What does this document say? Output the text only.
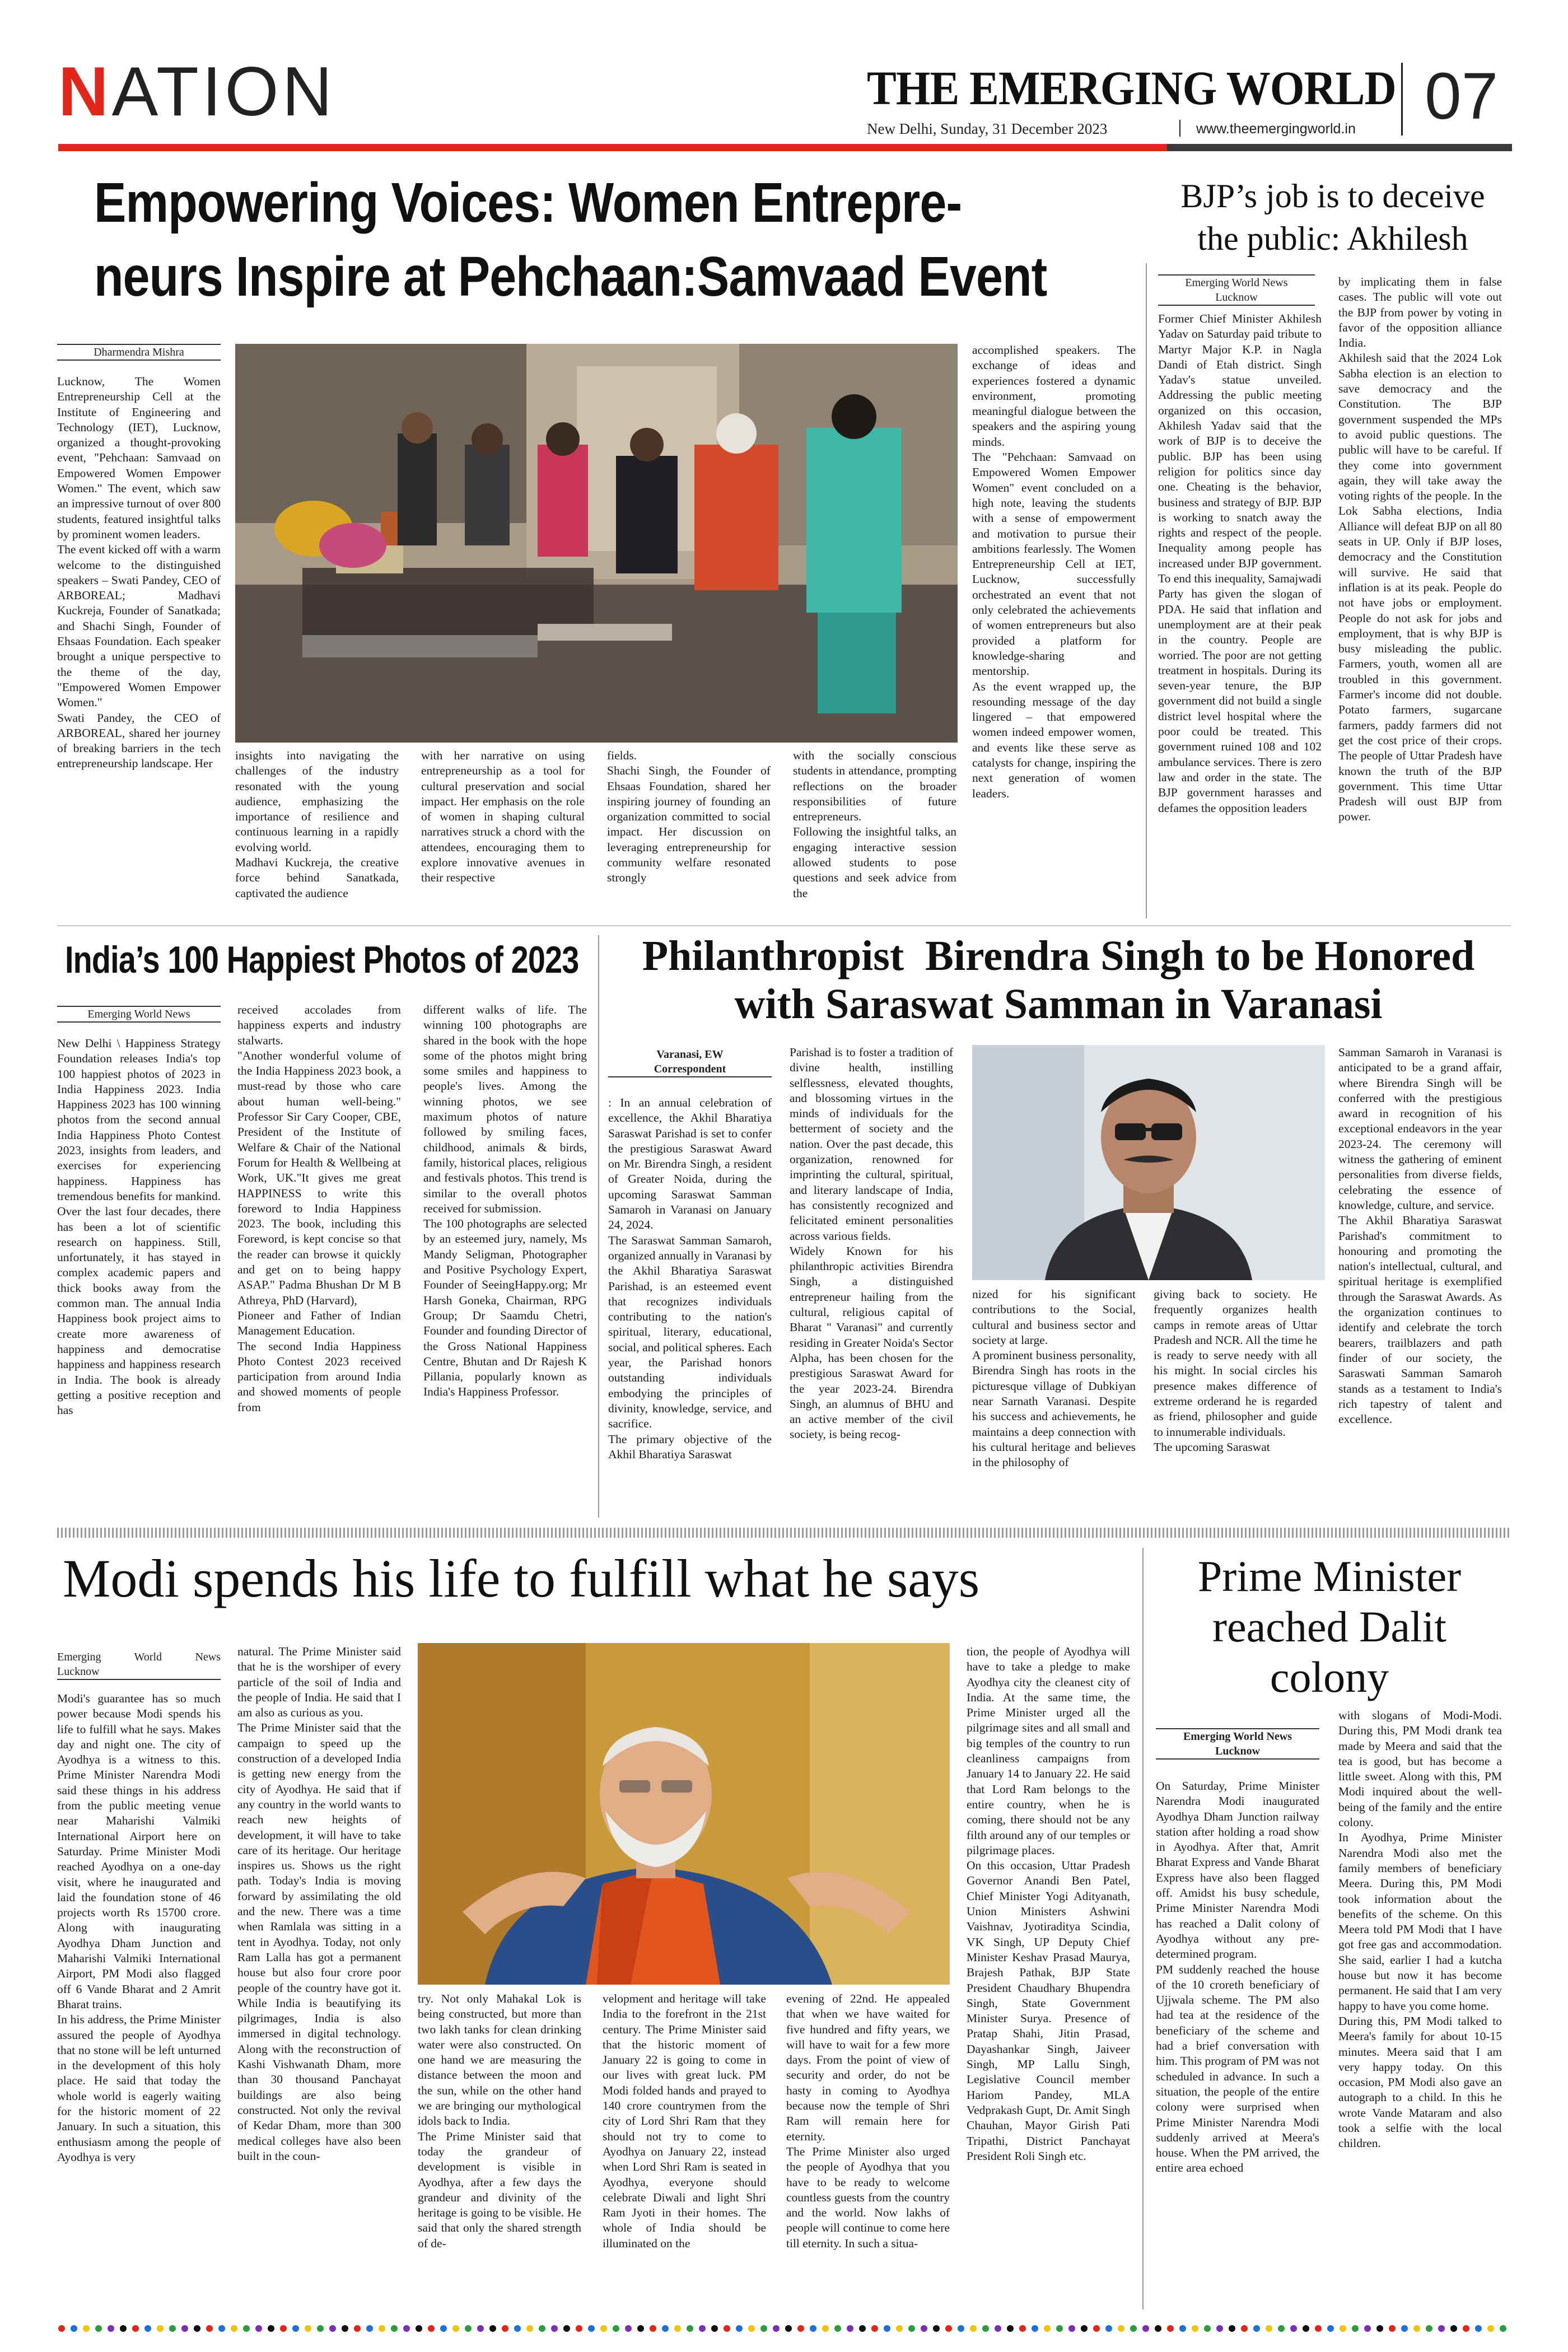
NATION	THE EMERGING WORLD 07
New Delhi, Sunday, 31 December 2023	www.theemergingworld.in
Empowering Voices: Women Entrepre-
neurs Inspire at Pehchaan:Samvaad Event
Dharmendra Mishra
Lucknow, The Women Entrepreneurship Cell at the Institute of Engineering and Technology (IET), Lucknow, organized a thought-provoking event, "Pehchaan: Samvaad on Empowered Women Empower Women." The event, which saw an impressive turnout of over 800 students, featured insightful talks by prominent women leaders.
The event kicked off with a warm welcome to the distinguished speakers – Swati Pandey, CEO of ARBOREAL; Madhavi Kuckreja, Founder of Sanatkada; and Shachi Singh, Founder of Ehsaas Foundation. Each speaker brought a unique perspective to the theme of the day, "Empowered Women Empower Women."
Swati Pandey, the CEO of ARBOREAL, shared her journey of breaking barriers in the tech entrepreneurship landscape. Her
insights into navigating the challenges of the industry resonated with the young audience, emphasizing the importance of resilience and continuous learning in a rapidly evolving world.
Madhavi Kuckreja, the creative force behind Sanatkada, captivated the audience
with her narrative on using entrepreneurship as a tool for cultural preservation and social impact. Her emphasis on the role of women in shaping cultural narratives struck a chord with the attendees, encouraging them to explore innovative avenues in their respective
fields.
Shachi Singh, the Founder of Ehsaas Foundation, shared her inspiring journey of founding an organization committed to social impact. Her discussion on leveraging entrepreneurship for community welfare resonated strongly
with the socially conscious students in attendance, prompting reflections on the broader responsibilities of future entrepreneurs.
Following the insightful talks, an engaging interactive session allowed students to pose questions and seek advice from the
accomplished speakers. The exchange of ideas and experiences fostered a dynamic environment, promoting meaningful dialogue between the speakers and the aspiring young minds.
The "Pehchaan: Samvaad on Empowered Women Empower Women" event concluded on a high note, leaving the students with a sense of empowerment and motivation to pursue their ambitions fearlessly. The Women Entrepreneurship Cell at IET, Lucknow, successfully orchestrated an event that not only celebrated the achievements of women entrepreneurs but also provided a platform for knowledge-sharing and mentorship.
As the event wrapped up, the resounding message of the day lingered – that empowered women indeed empower women, and events like these serve as catalysts for change, inspiring the next generation of women leaders.
BJP’s job is to deceive
the public: Akhilesh
Emerging World News
Lucknow
Former Chief Minister Akhilesh Yadav on Saturday paid tribute to Martyr Major K.P. in Nagla Dandi of Etah district. Singh Yadav's statue unveiled. Addressing the public meeting organized on this occasion, Akhilesh Yadav said that the work of BJP is to deceive the public. BJP has been using religion for politics since day one. Cheating is the behavior, business and strategy of BJP. BJP is working to snatch away the rights and respect of the people. Inequality among people has increased under BJP government. To end this inequality, Samajwadi Party has given the slogan of PDA. He said that inflation and unemployment are at their peak in the country. People are worried. The poor are not getting treatment in hospitals. During its seven-year tenure, the BJP government did not build a single district level hospital where the poor could be treated. This government ruined 108 and 102 ambulance services. There is zero law and order in the state. The BJP government harasses and defames the opposition leaders
by implicating them in false cases. The public will vote out the BJP from power by voting in favor of the opposition alliance India.
Akhilesh said that the 2024 Lok Sabha election is an election to save democracy and the Constitution. The BJP government suspended the MPs to avoid public questions. The public will have to be careful. If they come into government again, they will take away the voting rights of the people. In the Lok Sabha elections, India Alliance will defeat BJP on all 80 seats in UP. Only if BJP loses, democracy and the Constitution will survive. He said that inflation is at its peak. People do not have jobs or employment. People do not ask for jobs and employment, that is why BJP is busy misleading the public. Farmers, youth, women all are troubled in this government. Farmer's income did not double. Potato farmers, sugarcane farmers, paddy farmers did not get the cost price of their crops. The people of Uttar Pradesh have known the truth of the BJP government. This time Uttar Pradesh will oust BJP from power.
India’s 100 Happiest Photos of 2023
Emerging World News
New Delhi \ Happiness Strategy Foundation releases India's top 100 happiest photos of 2023 in India Happiness 2023. India Happiness 2023 has 100 winning photos from the second annual India Happiness Photo Contest 2023, insights from leaders, and exercises for experiencing happiness. Happiness has tremendous benefits for mankind. Over the last four decades, there has been a lot of scientific research on happiness. Still, unfortunately, it has stayed in complex academic papers and thick books away from the common man. The annual India Happiness book project aims to create more awareness of happiness and democratise happiness and happiness research in India. The book is already getting a positive reception and has
received accolades from happiness experts and industry stalwarts.
"Another wonderful volume of the India Happiness 2023 book, a must-read by those who care about human well-being." Professor Sir Cary Cooper, CBE, President of the Institute of Welfare & Chair of the National Forum for Health & Wellbeing at Work, UK."It gives me great HAPPINESS to write this foreword to India Happiness 2023. The book, including this Foreword, is kept concise so that the reader can browse it quickly and get on to being happy ASAP." Padma Bhushan Dr M B Athreya, PhD (Harvard),
Pioneer and Father of Indian Management Education.
The second India Happiness Photo Contest 2023 received participation from around India and showed moments of people from
different walks of life. The winning 100 photographs are shared in the book with the hope some of the photos might bring some smiles and happiness to people's lives. Among the winning photos, we see maximum photos of nature followed by smiling faces, childhood, animals & birds, family, historical places, religious and festivals photos. This trend is similar to the overall photos received for submission.
The 100 photographs are selected by an esteemed jury, namely, Ms Mandy Seligman, Photographer and Positive Psychology Expert, Founder of SeeingHappy.org; Mr Harsh Goneka, Chairman, RPG Group; Dr Saamdu Chetri, Founder and founding Director of the Gross National Happiness Centre, Bhutan and Dr Rajesh K Pillania, popularly known as India's Happiness Professor.
Philanthropist  Birendra Singh to be Honored
with Saraswat Samman in Varanasi
Varanasi, EW
Correspondent
: In an annual celebration of excellence, the Akhil Bharatiya Saraswat Parishad is set to confer the prestigious Saraswat Award on Mr. Birendra Singh, a resident of Greater Noida, during the upcoming Saraswat Samman Samaroh in Varanasi on January 24, 2024.
The Saraswat Samman Samaroh, organized annually in Varanasi by the Akhil Bharatiya Saraswat Parishad, is an esteemed event that recognizes individuals contributing to the nation's spiritual, literary, educational, social, and political spheres. Each year, the Parishad honors outstanding individuals embodying the principles of divinity, knowledge, service, and sacrifice.
The primary objective of the Akhil Bharatiya Saraswat
Parishad is to foster a tradition of divine health, instilling selflessness, elevated thoughts, and blossoming virtues in the minds of individuals for the betterment of society and the nation. Over the past decade, this organization, renowned for imprinting the cultural, spiritual, and literary landscape of India, has consistently recognized and felicitated eminent personalities across various fields.
Widely Known for his philanthropic activities Birendra Singh, a distinguished entrepreneur hailing from the cultural, religious capital of Bharat " Varanasi" and currently residing in Greater Noida's Sector Alpha, has been chosen for the prestigious Saraswat Award for the year 2023-24. Birendra Singh, an alumnus of BHU and an active member of the civil society, is being recog-
nized for his significant contributions to the Social, cultural and business sector and society at large.
A prominent business personality, Birendra Singh has roots in the picturesque village of Dubkiyan near Sarnath Varanasi. Despite his success and achievements, he maintains a deep connection with his cultural heritage and believes in the philosophy of
giving back to society. He frequently organizes health camps in remote areas of Uttar Pradesh and NCR. All the time he is ready to serve needy with all his might. In social circles his presence makes difference of extreme orderand he is regarded as friend, philosopher and guide to innumerable individuals.
The upcoming Saraswat
Samman Samaroh in Varanasi is anticipated to be a grand affair, where Birendra Singh will be conferred with the prestigious award in recognition of his exceptional endeavors in the year 2023-24. The ceremony will witness the gathering of eminent personalities from diverse fields, celebrating the essence of knowledge, culture, and service.
The Akhil Bharatiya Saraswat Parishad's commitment to honouring and promoting the nation's intellectual, cultural, and spiritual heritage is exemplified through the Saraswat Awards. As the organization continues to identify and celebrate the torch bearers, trailblazers and path finder of our society, the Saraswati Samman Samaroh stands as a testament to India's rich tapestry of talent and excellence.
Modi spends his life to fulfill what he says
Emerging World News
Lucknow
Modi's guarantee has so much power because Modi spends his life to fulfill what he says. Makes day and night one. The city of Ayodhya is a witness to this. Prime Minister Narendra Modi said these things in his address from the public meeting venue near Maharishi Valmiki International Airport here on Saturday. Prime Minister Modi reached Ayodhya on a one-day visit, where he inaugurated and laid the foundation stone of 46 projects worth Rs 15700 crore. Along with inaugurating Ayodhya Dham Junction and Maharishi Valmiki International Airport, PM Modi also flagged off 6 Vande Bharat and 2 Amrit Bharat trains.
In his address, the Prime Minister assured the people of Ayodhya that no stone will be left unturned in the development of this holy place. He said that today the whole world is eagerly waiting for the historic moment of 22 January. In such a situation, this enthusiasm among the people of Ayodhya is very
natural. The Prime Minister said that he is the worshiper of every particle of the soil of India and the people of India. He said that I am also as curious as you.
The Prime Minister said that the campaign to speed up the construction of a developed India is getting new energy from the city of Ayodhya. He said that if any country in the world wants to reach new heights of development, it will have to take care of its heritage. Our heritage inspires us. Shows us the right path. Today's India is moving forward by assimilating the old and the new. There was a time when Ramlala was sitting in a tent in Ayodhya. Today, not only Ram Lalla has got a permanent house but also four crore poor people of the country have got it. While India is beautifying its pilgrimages, India is also immersed in digital technology. Along with the reconstruction of Kashi Vishwanath Dham, more than 30 thousand Panchayat buildings are also being constructed. Not only the revival of Kedar Dham, more than 300 medical colleges have also been built in the coun-
try. Not only Mahakal Lok is being constructed, but more than two lakh tanks for clean drinking water were also constructed. On one hand we are measuring the distance between the moon and the sun, while on the other hand we are bringing our mythological idols back to India.
The Prime Minister said that today the grandeur of development is visible in Ayodhya, after a few days the grandeur and divinity of the heritage is going to be visible. He said that only the shared strength of de-
velopment and heritage will take India to the forefront in the 21st century. The Prime Minister said that the historic moment of January 22 is going to come in our lives with great luck. PM Modi folded hands and prayed to 140 crore countrymen from the city of Lord Shri Ram that they should not try to come to Ayodhya on January 22, instead when Lord Shri Ram is seated in Ayodhya, everyone should celebrate Diwali and light Shri Ram Jyoti in their homes. The whole of India should be illuminated on the
evening of 22nd. He appealed that when we have waited for five hundred and fifty years, we will have to wait for a few more days. From the point of view of security and order, do not be hasty in coming to Ayodhya because now the temple of Shri Ram will remain here for eternity.
The Prime Minister also urged the people of Ayodhya that you have to be ready to welcome countless guests from the country and the world. Now lakhs of people will continue to come here till eternity. In such a situa-
tion, the people of Ayodhya will have to take a pledge to make Ayodhya city the cleanest city of India. At the same time, the Prime Minister urged all the pilgrimage sites and all small and big temples of the country to run cleanliness campaigns from January 14 to January 22. He said that Lord Ram belongs to the entire country, when he is coming, there should not be any filth around any of our temples or pilgrimage places.
On this occasion, Uttar Pradesh Governor Anandi Ben Patel, Chief Minister Yogi Adityanath, Union Ministers Ashwini Vaishnav, Jyotiraditya Scindia, VK Singh, UP Deputy Chief Minister Keshav Prasad Maurya, Brajesh Pathak, BJP State President Chaudhary Bhupendra Singh, State Government Minister Surya. Presence of Pratap Shahi, Jitin Prasad, Dayashankar Singh, Jaiveer Singh, MP Lallu Singh, Legislative Council member Hariom Pandey, MLA Vedprakash Gupt, Dr. Amit Singh Chauhan, Mayor Girish Pati Tripathi, District Panchayat President Roli Singh etc.
Prime Minister
reached Dalit
colony
Emerging World News
Lucknow
On Saturday, Prime Minister Narendra Modi inaugurated Ayodhya Dham Junction railway station after holding a road show in Ayodhya. After that, Amrit Bharat Express and Vande Bharat Express have also been flagged off. Amidst his busy schedule, Prime Minister Narendra Modi has reached a Dalit colony of Ayodhya without any pre-determined program.
PM suddenly reached the house of the 10 croreth beneficiary of Ujjwala scheme. The PM also had tea at the residence of the beneficiary of the scheme and had a brief conversation with him. This program of PM was not scheduled in advance. In such a situation, the people of the entire colony were surprised when Prime Minister Narendra Modi suddenly arrived at Meera's house. When the PM arrived, the entire area echoed
with slogans of Modi-Modi. During this, PM Modi drank tea made by Meera and said that the tea is good, but has become a little sweet. Along with this, PM Modi inquired about the well-being of the family and the entire colony.
In Ayodhya, Prime Minister Narendra Modi also met the family members of beneficiary Meera. During this, PM Modi took information about the benefits of the scheme. On this Meera told PM Modi that I have got free gas and accommodation. She said, earlier I had a kutcha house but now it has become permanent. He said that I am very happy to have you come home.
During this, PM Modi talked to Meera's family for about 10-15 minutes. Meera said that I am very happy today. On this occasion, PM Modi also gave an autograph to a child. In this he wrote Vande Mataram and also took a selfie with the local children.
